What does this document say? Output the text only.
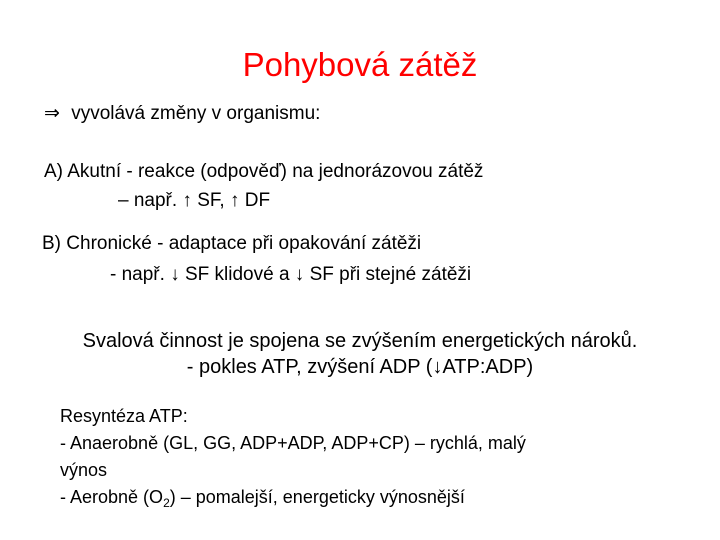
Pohybová zátěž
⇒ vyvolává změny v organismu:
A) Akutní - reakce (odpověď) na jednorázovou zátěž
– např. ↑ SF, ↑ DF
B) Chronické - adaptace při opakování zátěži
- např. ↓ SF klidové a ↓ SF při stejné zátěži
Svalová činnost je spojena se zvýšením energetických nároků.
- pokles ATP, zvýšení ADP (↓ATP:ADP)
Resyntéza ATP:
- Anaerobně (GL, GG, ADP+ADP, ADP+CP) – rychlá, malý
výnos
- Aerobně $(O_2)$ – pomalejší, energeticky výnosnější
